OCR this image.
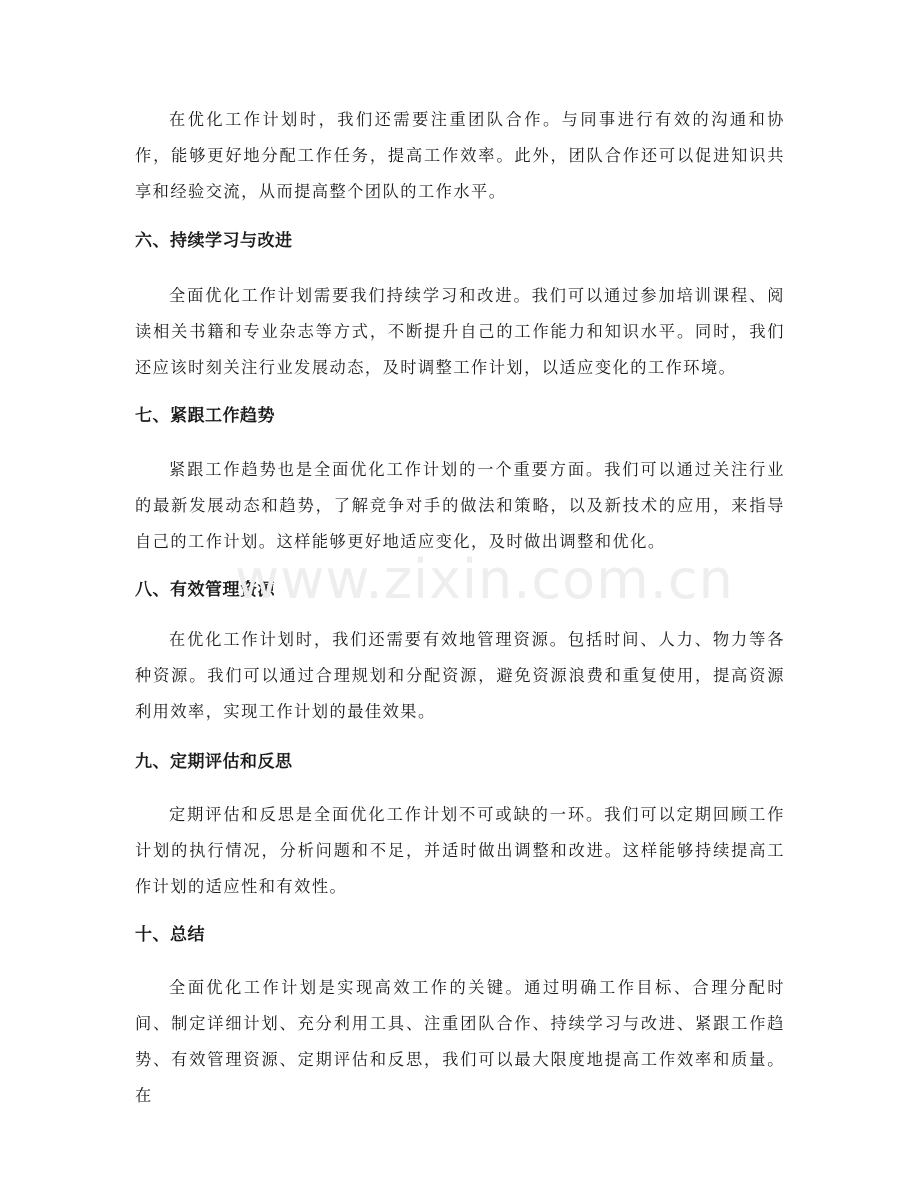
在优化工作计划时，我们还需要注重团队合作。与同事进行有效的沟通和协作，能够更好地分配工作任务，提高工作效率。此外，团队合作还可以促进知识共享和经验交流，从而提高整个团队的工作水平。

六、持续学习与改进

全面优化工作计划需要我们持续学习和改进。我们可以通过参加培训课程、阅读相关书籍和专业杂志等方式，不断提升自己的工作能力和知识水平。同时，我们还应该时刻关注行业发展动态，及时调整工作计划，以适应变化的工作环境。

七、紧跟工作趋势

紧跟工作趋势也是全面优化工作计划的一个重要方面。我们可以通过关注行业的最新发展动态和趋势，了解竞争对手的做法和策略，以及新技术的应用，来指导自己的工作计划。这样能够更好地适应变化，及时做出调整和优化。

八、有效管理资源

在优化工作计划时，我们还需要有效地管理资源。包括时间、人力、物力等各种资源。我们可以通过合理规划和分配资源，避免资源浪费和重复使用，提高资源利用效率，实现工作计划的最佳效果。

九、定期评估和反思

定期评估和反思是全面优化工作计划不可或缺的一环。我们可以定期回顾工作计划的执行情况，分析问题和不足，并适时做出调整和改进。这样能够持续提高工作计划的适应性和有效性。

十、总结

全面优化工作计划是实现高效工作的关键。通过明确工作目标、合理分配时间、制定详细计划、充分利用工具、注重团队合作、持续学习与改进、紧跟工作趋势、有效管理资源、定期评估和反思，我们可以最大限度地提高工作效率和质量。在

www.zixin.com.cn
